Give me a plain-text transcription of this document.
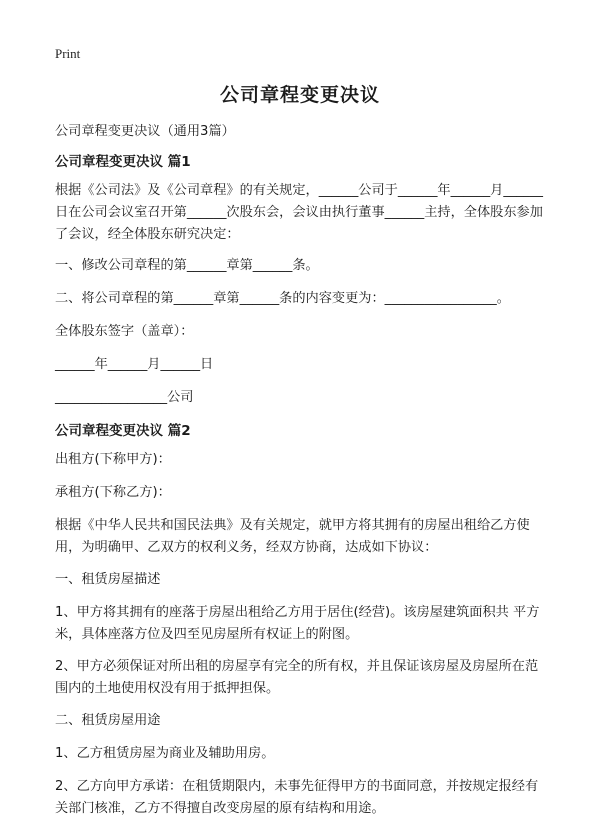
Print
公司章程变更决议

公司章程变更决议（通用3篇）

公司章程变更决议 篇1

根据《公司法》及《公司章程》的有关规定，______公司于______年______月______日在公司会议室召开第______次股东会，会议由执行董事______主持，全体股东参加了会议，经全体股东研究决定：

一、修改公司章程的第______章第______条。

二、将公司章程的第______章第______条的内容变更为：_________________。

全体股东签字（盖章）：

______年______月______日

_________________公司

公司章程变更决议 篇2

出租方(下称甲方)：

承租方(下称乙方)：

根据《中华人民共和国民法典》及有关规定，就甲方将其拥有的房屋出租给乙方使用，为明确甲、乙双方的权利义务，经双方协商，达成如下协议：

一、租赁房屋描述

1、甲方将其拥有的座落于房屋出租给乙方用于居住(经营)。该房屋建筑面积共 平方米，具体座落方位及四至见房屋所有权证上的附图。

2、甲方必须保证对所出租的房屋享有完全的所有权，并且保证该房屋及房屋所在范围内的土地使用权没有用于抵押担保。

二、租赁房屋用途

1、乙方租赁房屋为商业及辅助用房。

2、乙方向甲方承诺：在租赁期限内，未事先征得甲方的书面同意，并按规定报经有关部门核准，乙方不得擅自改变房屋的原有结构和用途。
